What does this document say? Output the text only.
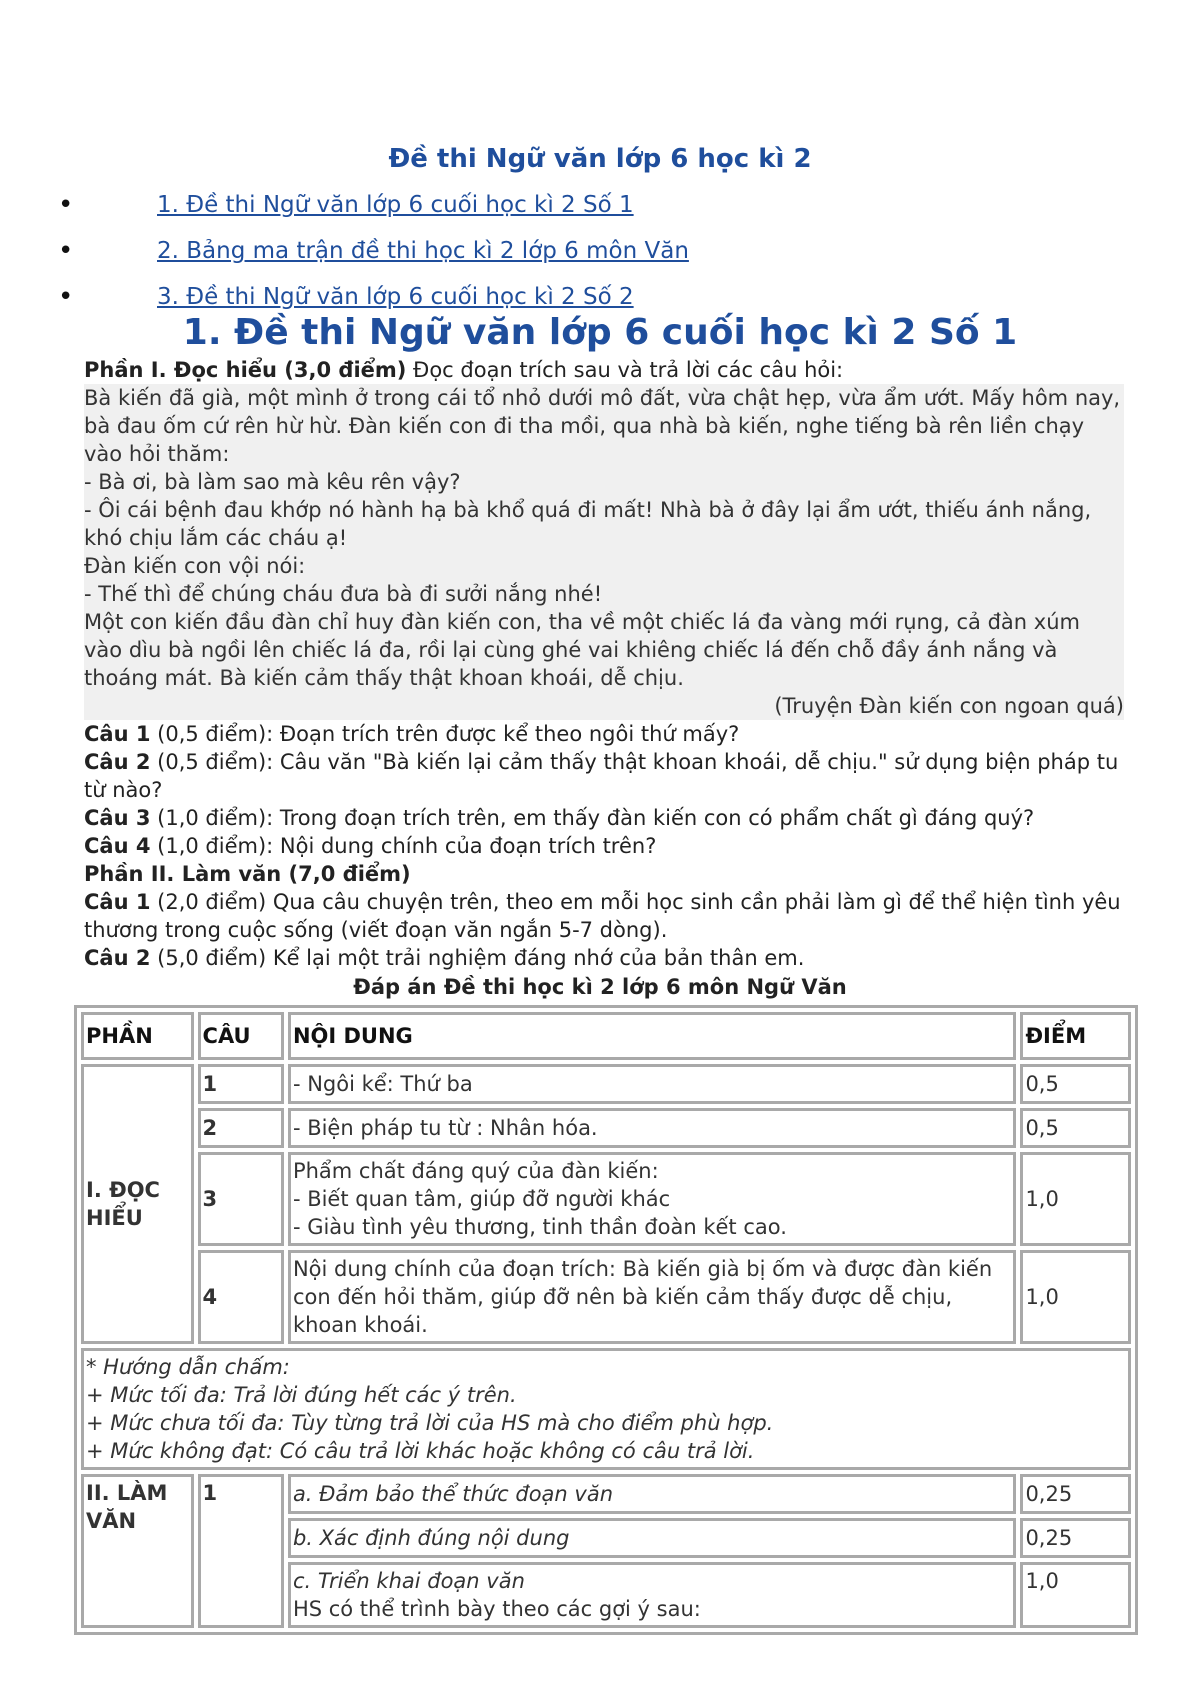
Đề thi Ngữ văn lớp 6 học kì 2
•	1. Đề thi Ngữ văn lớp 6 cuối học kì 2 Số 1
•	2. Bảng ma trận đề thi học kì 2 lớp 6 môn Văn
•	3. Đề thi Ngữ văn lớp 6 cuối học kì 2 Số 2
1. Đề thi Ngữ văn lớp 6 cuối học kì 2 Số 1

Phần I. Đọc hiểu (3,0 điểm) Đọc đoạn trích sau và trả lời các câu hỏi:

Bà kiến đã già, một mình ở trong cái tổ nhỏ dưới mô đất, vừa chật hẹp, vừa ẩm ướt. Mấy hôm nay, bà đau ốm cứ rên hừ hừ. Đàn kiến con đi tha mồi, qua nhà bà kiến, nghe tiếng bà rên liền chạy vào hỏi thăm:

- Bà ơi, bà làm sao mà kêu rên vậy?

- Ôi cái bệnh đau khớp nó hành hạ bà khổ quá đi mất! Nhà bà ở đây lại ẩm ướt, thiếu ánh nắng, khó chịu lắm các cháu ạ!

Đàn kiến con vội nói:

- Thế thì để chúng cháu đưa bà đi sưởi nắng nhé!

Một con kiến đầu đàn chỉ huy đàn kiến con, tha về một chiếc lá đa vàng mới rụng, cả đàn xúm vào dìu bà ngồi lên chiếc lá đa, rồi lại cùng ghé vai khiêng chiếc lá đến chỗ đầy ánh nắng và thoáng mát. Bà kiến cảm thấy thật khoan khoái, dễ chịu.

(Truyện Đàn kiến con ngoan quá)

Câu 1 (0,5 điểm): Đoạn trích trên được kể theo ngôi thứ mấy?

Câu 2 (0,5 điểm): Câu văn "Bà kiến lại cảm thấy thật khoan khoái, dễ chịu." sử dụng biện pháp tu từ nào?

Câu 3 (1,0 điểm): Trong đoạn trích trên, em thấy đàn kiến con có phẩm chất gì đáng quý?

Câu 4 (1,0 điểm): Nội dung chính của đoạn trích trên?

Phần II. Làm văn (7,0 điểm)

Câu 1 (2,0 điểm) Qua câu chuyện trên, theo em mỗi học sinh cần phải làm gì để thể hiện tình yêu thương trong cuộc sống (viết đoạn văn ngắn 5-7 dòng).

Câu 2 (5,0 điểm) Kể lại một trải nghiệm đáng nhớ của bản thân em.

Đáp án Đề thi học kì 2 lớp 6 môn Ngữ Văn

PHẦN	CÂU	NỘI DUNG	ĐIỂM
I. ĐỌC HIỂU	1	- Ngôi kể: Thứ ba	0,5
	2	- Biện pháp tu từ : Nhân hóa.	0,5
	3	Phẩm chất đáng quý của đàn kiến:
- Biết quan tâm, giúp đỡ người khác
- Giàu tình yêu thương, tinh thần đoàn kết cao.	1,0
	4	Nội dung chính của đoạn trích: Bà kiến già bị ốm và được đàn kiến con đến hỏi thăm, giúp đỡ nên bà kiến cảm thấy được dễ chịu, khoan khoái.	1,0

* Hướng dẫn chấm:
+ Mức tối đa: Trả lời đúng hết các ý trên.
+ Mức chưa tối đa: Tùy từng trả lời của HS mà cho điểm phù hợp.
+ Mức không đạt: Có câu trả lời khác hoặc không có câu trả lời.			

II. LÀM VĂN	1	a. Đảm bảo thể thức đoạn văn	0,25
		b. Xác định đúng nội dung	0,25

		c. Triển khai đoạn văn
HS có thể trình bày theo các gợi ý sau:	1,0
